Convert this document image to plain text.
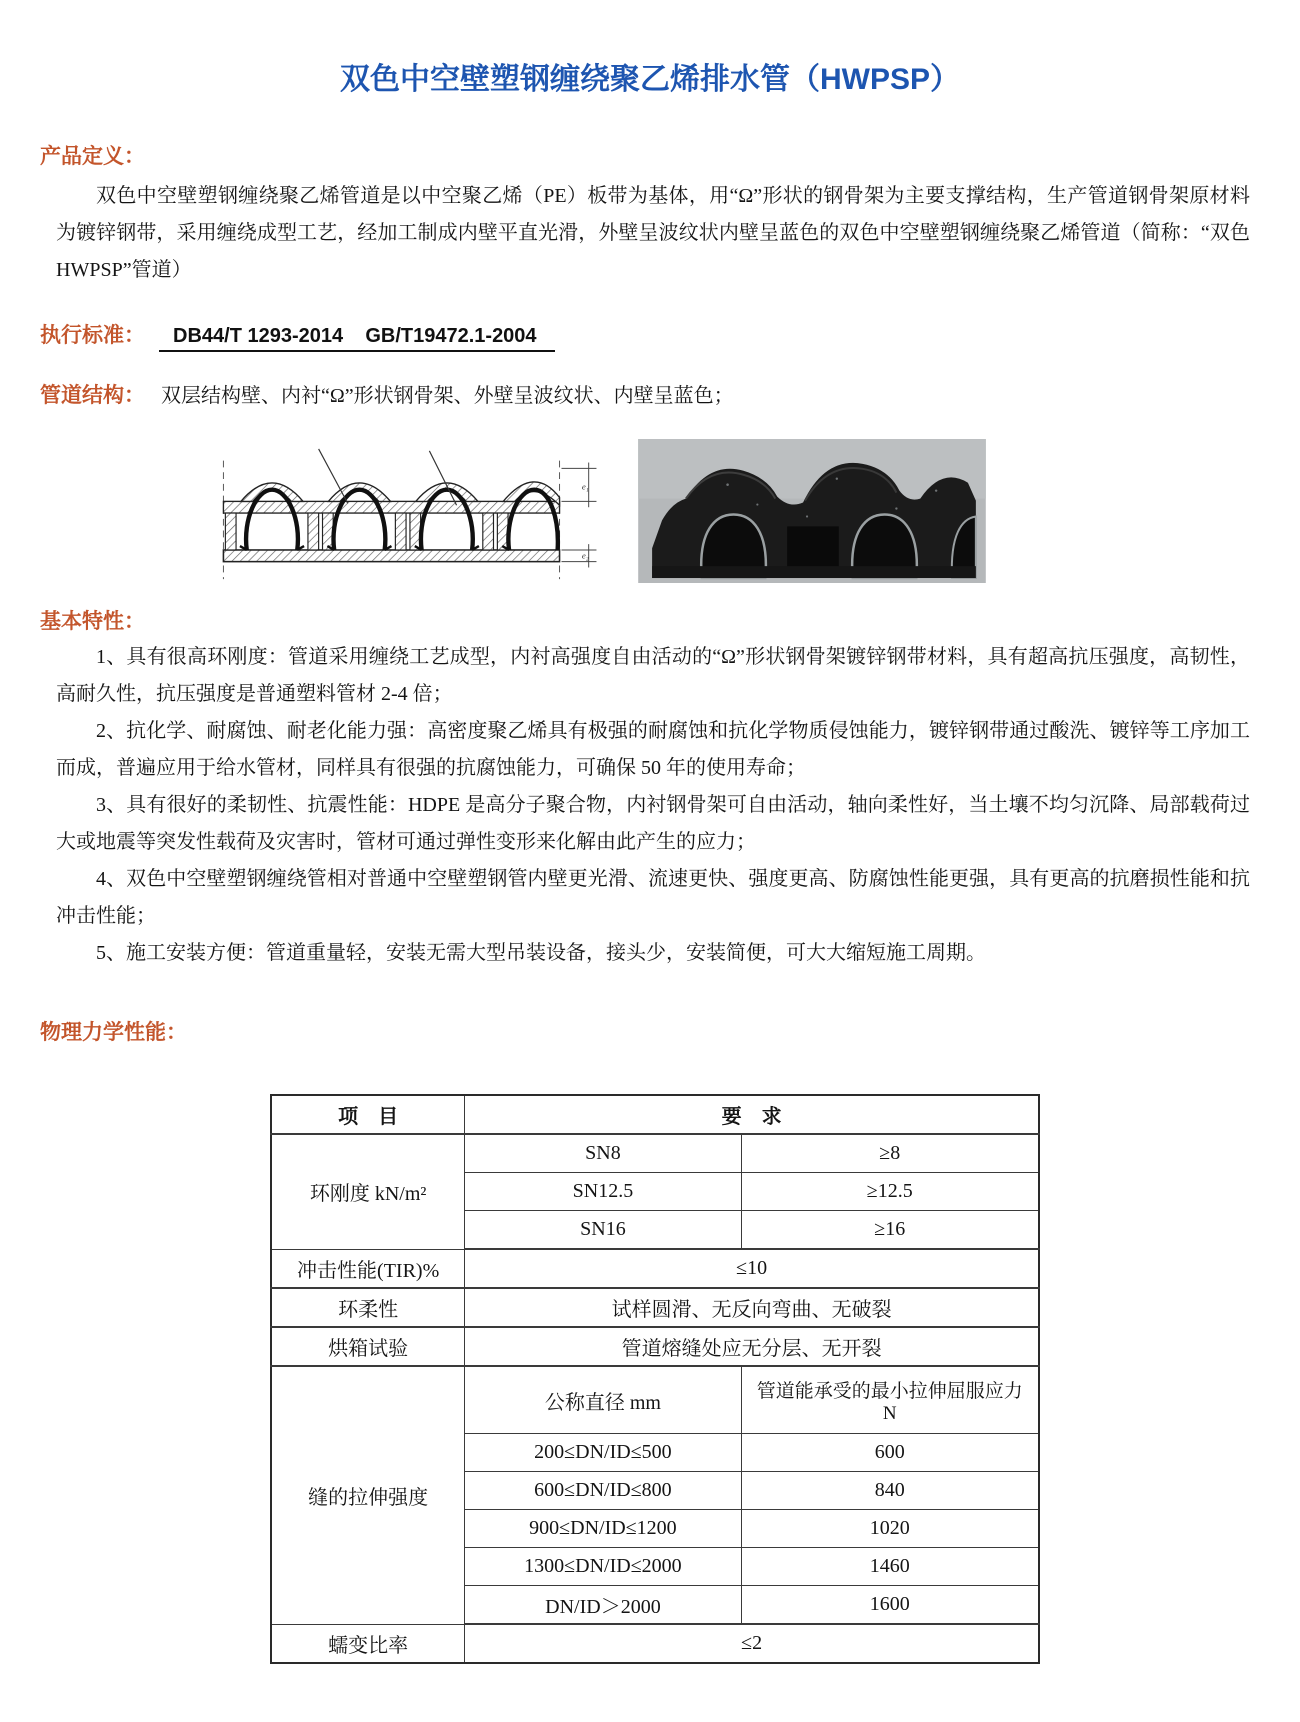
双色中空壁塑钢缠绕聚乙烯排水管（HWPSP）
产品定义：

双色中空壁塑钢缠绕聚乙烯管道是以中空聚乙烯（PE）板带为基体，用“Ω”形状的钢骨架为主要支撑结构，生产管道钢骨架原材料为镀锌钢带，采用缠绕成型工艺，经加工制成内壁平直光滑，外壁呈波纹状内壁呈蓝色的双色中空壁塑钢缠绕聚乙烯管道（简称：“双色 HWPSP”管道）

执行标准： DB44/T 1293-2014    GB/T19472.1-2004
管道结构： 双层结构壁、内衬“Ω”形状钢骨架、外壁呈波纹状、内壁呈蓝色；
e₁
e₂
基本特性：

1、具有很高环刚度：管道采用缠绕工艺成型，内衬高强度自由活动的“Ω”形状钢骨架镀锌钢带材料，具有超高抗压强度，高韧性，高耐久性，抗压强度是普通塑料管材 2-4 倍；

2、抗化学、耐腐蚀、耐老化能力强：高密度聚乙烯具有极强的耐腐蚀和抗化学物质侵蚀能力，镀锌钢带通过酸洗、镀锌等工序加工而成，普遍应用于给水管材，同样具有很强的抗腐蚀能力，可确保 50 年的使用寿命；

3、具有很好的柔韧性、抗震性能：HDPE 是高分子聚合物，内衬钢骨架可自由活动，轴向柔性好，当土壤不均匀沉降、局部载荷过大或地震等突发性载荷及灾害时，管材可通过弹性变形来化解由此产生的应力；

4、双色中空壁塑钢缠绕管相对普通中空壁塑钢管内壁更光滑、流速更快、强度更高、防腐蚀性能更强，具有更高的抗磨损性能和抗冲击性能；

5、施工安装方便：管道重量轻，安装无需大型吊装设备，接头少，安装简便，可大大缩短施工周期。

物理力学性能：
项    目	要    求	
环刚度 kN/m²	SN8	≥8
	SN12.5	≥12.5
	SN16	≥16
冲击性能(TIR)%	≤10	
环柔性	试样圆滑、无反向弯曲、无破裂	
烘箱试验	管道熔缝处应无分层、无开裂	
缝的拉伸强度	公称直径 mm	管道能承受的最小拉伸屈服应力 N
	200≤DN/ID≤500	600
	600≤DN/ID≤800	840
	900≤DN/ID≤1200	1020
	1300≤DN/ID≤2000	1460
	DN/ID＞2000	1600
蠕变比率	≤2	
